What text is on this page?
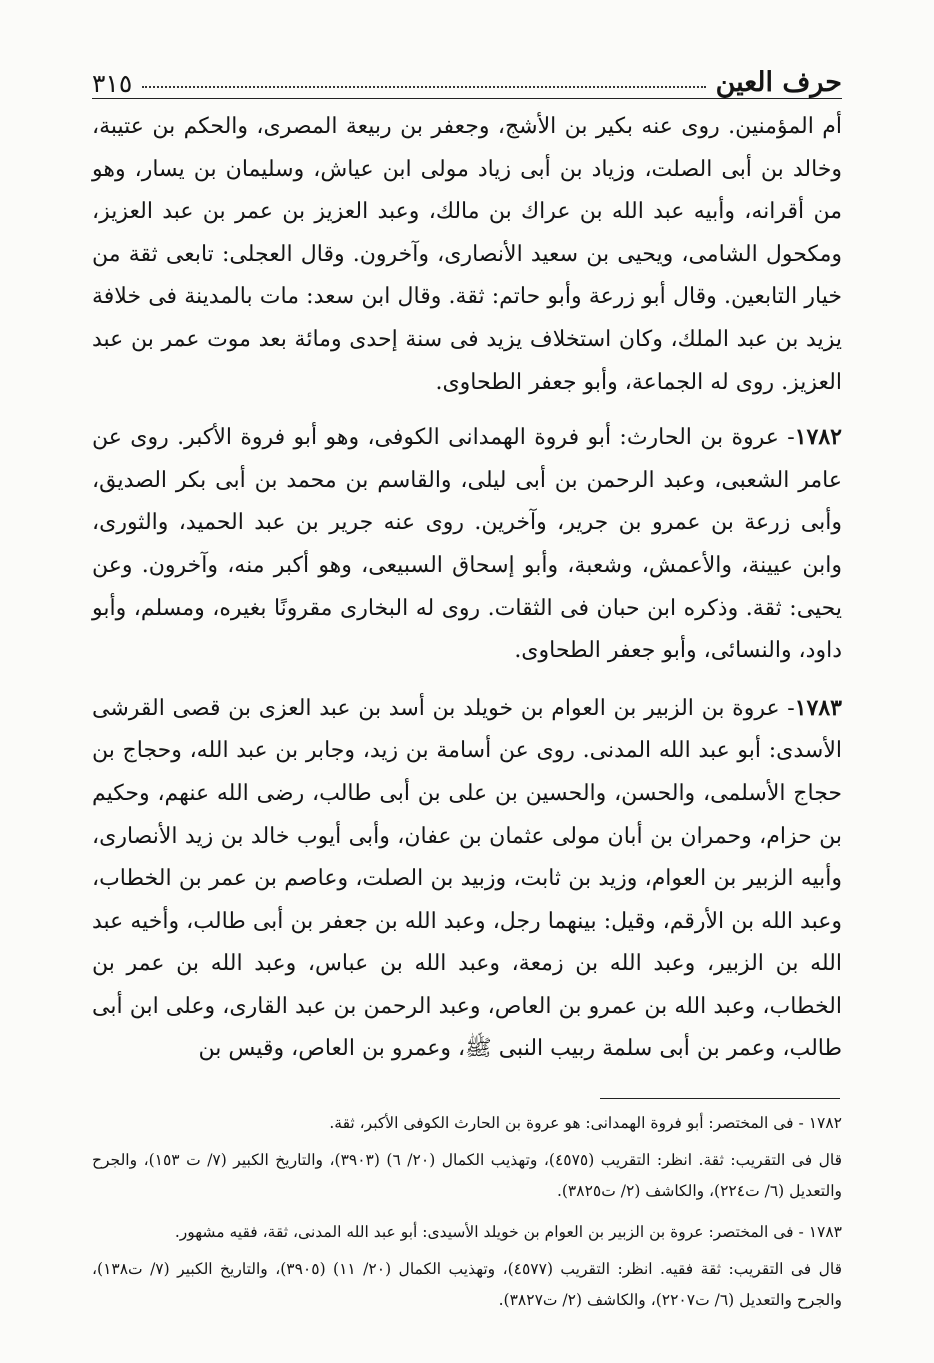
حرف العين
٣١٥

أم المؤمنين. روى عنه بكير بن الأشج، وجعفر بن ربيعة المصرى، والحكم بن عتيبة، وخالد بن أبى الصلت، وزياد بن أبى زياد مولى ابن عياش، وسليمان بن يسار، وهو من أقرانه، وأبيه عبد الله بن عراك بن مالك، وعبد العزيز بن عمر بن عبد العزيز، ومكحول الشامى، ويحيى بن سعيد الأنصارى، وآخرون. وقال العجلى: تابعى ثقة من خيار التابعين. وقال أبو زرعة وأبو حاتم: ثقة. وقال ابن سعد: مات بالمدينة فى خلافة يزيد بن عبد الملك، وكان استخلاف يزيد فى سنة إحدى ومائة بعد موت عمر بن عبد العزيز. روى له الجماعة، وأبو جعفر الطحاوى.

١٧٨٢- عروة بن الحارث: أبو فروة الهمدانى الكوفى، وهو أبو فروة الأكبر. روى عن عامر الشعبى، وعبد الرحمن بن أبى ليلى، والقاسم بن محمد بن أبى بكر الصديق، وأبى زرعة بن عمرو بن جرير، وآخرين. روى عنه جرير بن عبد الحميد، والثورى، وابن عيينة، والأعمش، وشعبة، وأبو إسحاق السبيعى، وهو أكبر منه، وآخرون. وعن يحيى: ثقة. وذكره ابن حبان فى الثقات. روى له البخارى مقرونًا بغيره، ومسلم، وأبو داود، والنسائى، وأبو جعفر الطحاوى.

١٧٨٣- عروة بن الزبير بن العوام بن خويلد بن أسد بن عبد العزى بن قصى القرشى الأسدى: أبو عبد الله المدنى. روى عن أسامة بن زيد، وجابر بن عبد الله، وحجاج بن حجاج الأسلمى، والحسن، والحسين بن على بن أبى طالب، رضى الله عنهم، وحكيم بن حزام، وحمران بن أبان مولى عثمان بن عفان، وأبى أيوب خالد بن زيد الأنصارى، وأبيه الزبير بن العوام، وزيد بن ثابت، وزبيد بن الصلت، وعاصم بن عمر بن الخطاب، وعبد الله بن الأرقم، وقيل: بينهما رجل، وعبد الله بن جعفر بن أبى طالب، وأخيه عبد الله بن الزبير، وعبد الله بن زمعة، وعبد الله بن عباس، وعبد الله بن عمر بن الخطاب، وعبد الله بن عمرو بن العاص، وعبد الرحمن بن عبد القارى، وعلى ابن أبى طالب، وعمر بن أبى سلمة ربيب النبى ﷺ، وعمرو بن العاص، وقيس بن

١٧٨٢ - فى المختصر: أبو فروة الهمدانى: هو عروة بن الحارث الكوفى الأكبر، ثقة.

قال فى التقريب: ثقة. انظر: التقريب (٤٥٧٥)، وتهذيب الكمال (٢٠/ ٦) (٣٩٠٣)، والتاريخ الكبير (٧/ ت ١٥٣)، والجرح والتعديل (٦/ ت٢٢٤)، والكاشف (٢/ ت٣٨٢٥).

١٧٨٣ - فى المختصر: عروة بن الزبير بن العوام بن خويلد الأسيدى: أبو عبد الله المدنى، ثقة، فقيه مشهور.

قال فى التقريب: ثقة فقيه. انظر: التقريب (٤٥٧٧)، وتهذيب الكمال (٢٠/ ١١) (٣٩٠٥)، والتاريخ الكبير (٧/ ت١٣٨)، والجرح والتعديل (٦/ ت٢٢٠٧)، والكاشف (٢/ ت٣٨٢٧).
